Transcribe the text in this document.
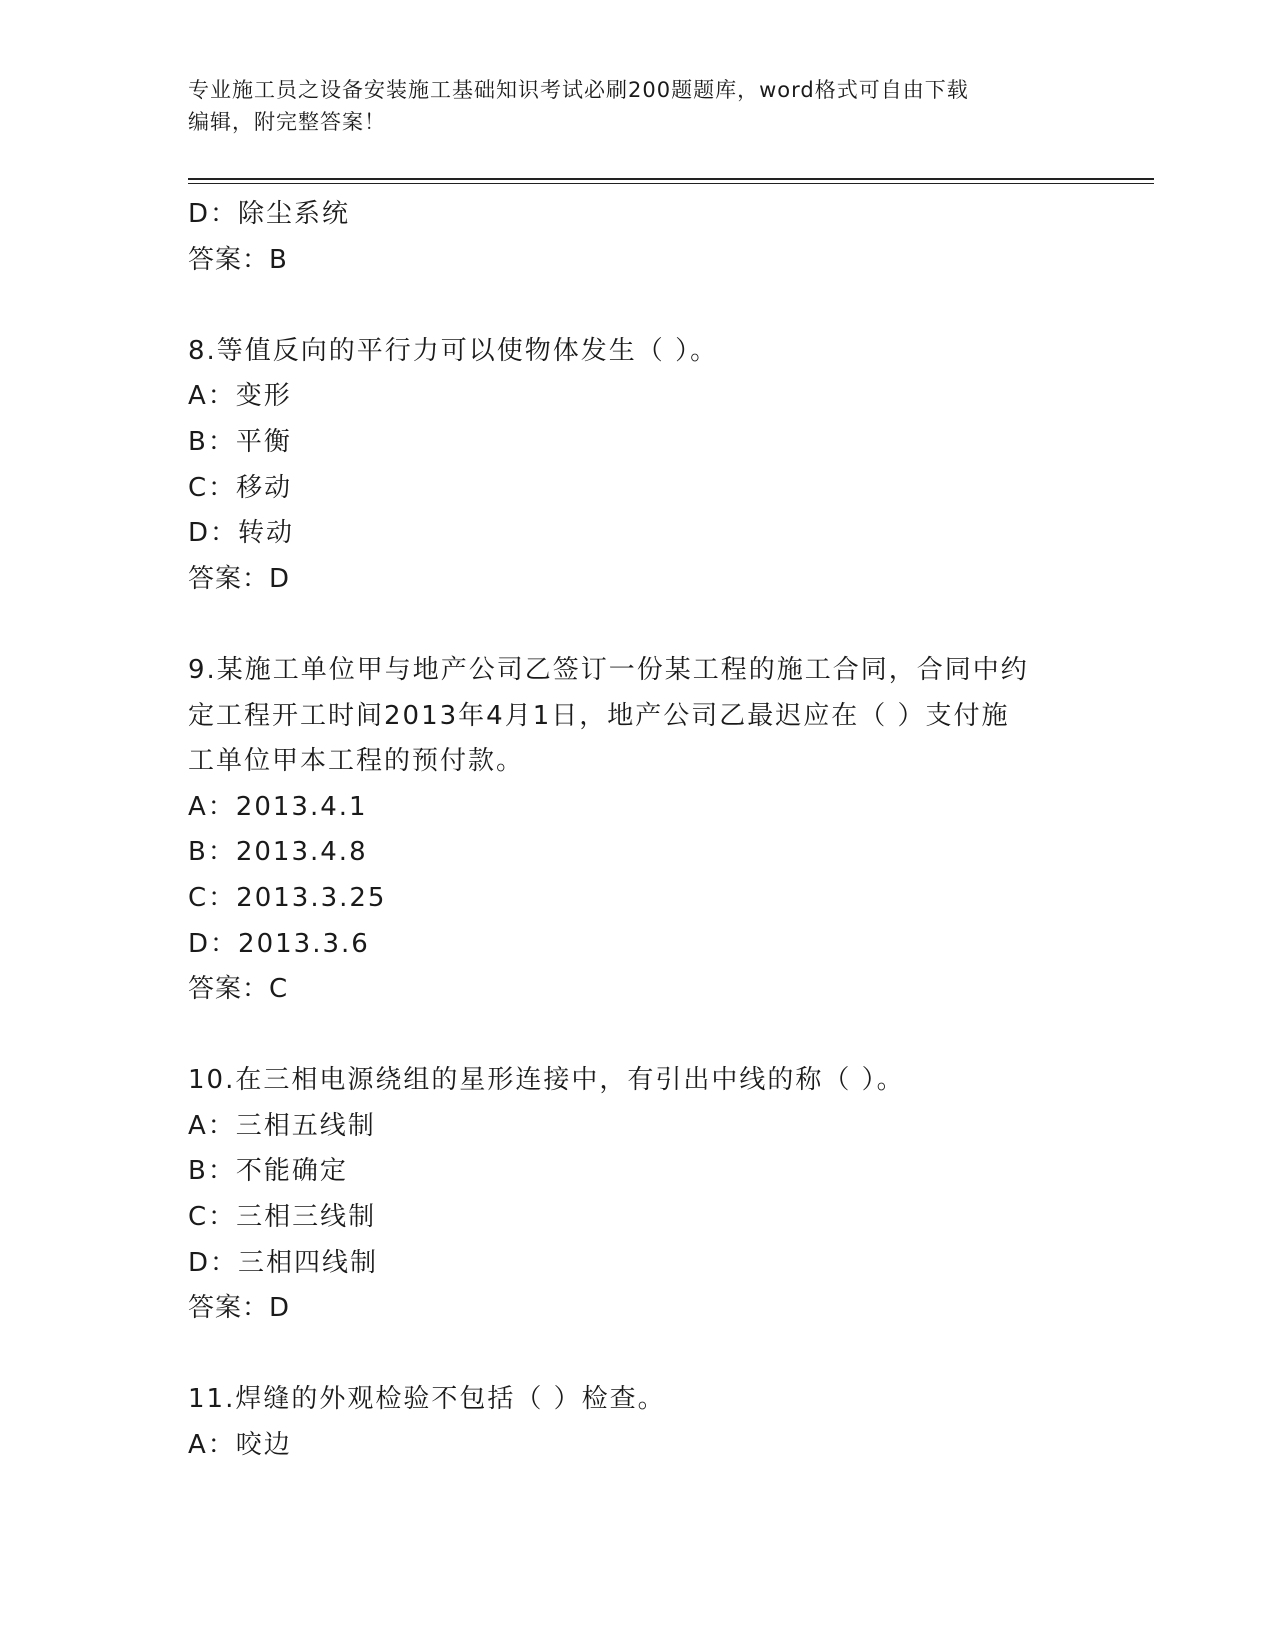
专业施工员之设备安装施工基础知识考试必刷200题题库，word格式可自由下载
编辑，附完整答案！
D：除尘系统
答案：B
8.等值反向的平行力可以使物体发生（ ）。
A：变形
B：平衡
C：移动
D：转动
答案：D
9.某施工单位甲与地产公司乙签订一份某工程的施工合同，合同中约
定工程开工时间2013年4月1日，地产公司乙最迟应在（ ）支付施
工单位甲本工程的预付款。
A：2013.4.1
B：2013.4.8
C：2013.3.25
D：2013.3.6
答案：C
10.在三相电源绕组的星形连接中，有引出中线的称（ ）。
A：三相五线制
B：不能确定
C：三相三线制
D：三相四线制
答案：D
11.焊缝的外观检验不包括（ ）检查。
A：咬边
